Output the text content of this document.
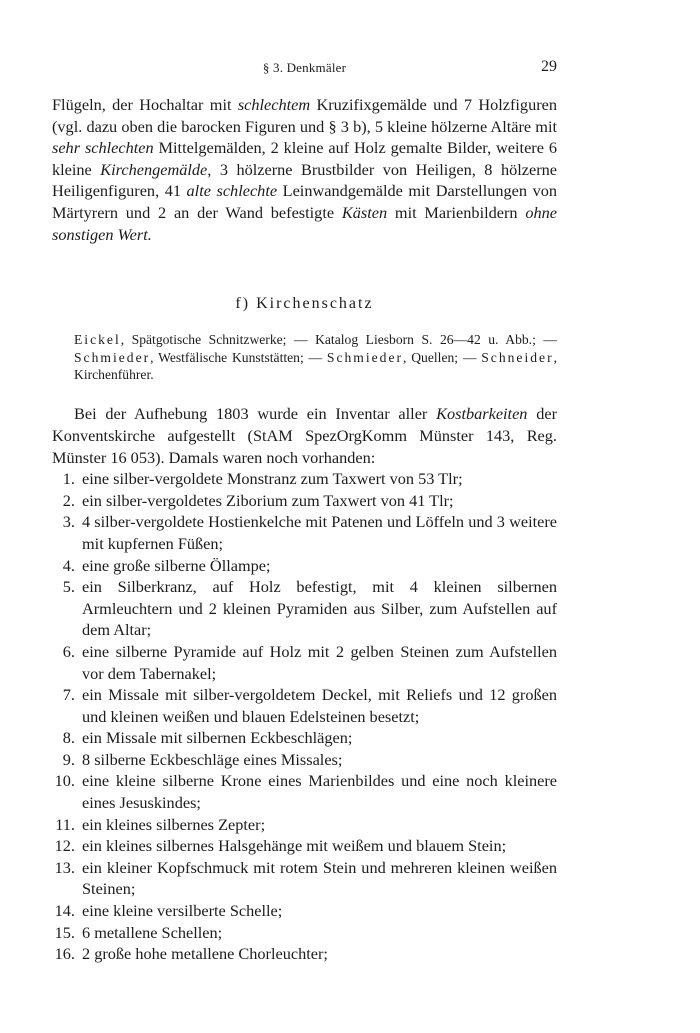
§ 3. Denkmäler	29

Flügeln, der Hochaltar mit schlechtem Kruzifixgemälde und 7 Holzfiguren (vgl. dazu oben die barocken Figuren und § 3 b), 5 kleine hölzerne Altäre mit sehr schlechten Mittelgemälden, 2 kleine auf Holz gemalte Bilder, weitere 6 kleine Kirchengemälde, 3 hölzerne Brustbilder von Heiligen, 8 hölzerne Heiligenfiguren, 41 alte schlechte Leinwandgemälde mit Darstellungen von Märtyrern und 2 an der Wand befestigte Kästen mit Marienbildern ohne sonstigen Wert.

f) Kirchenschatz

Eickel, Spätgotische Schnitzwerke; — Katalog Liesborn S. 26—42 u. Abb.; — Schmieder, Westfälische Kunststätten; — Schmieder, Quellen; — Schneider, Kirchenführer.

Bei der Aufhebung 1803 wurde ein Inventar aller Kostbarkeiten der Konventskirche aufgestellt (StAM SpezOrgKomm Münster 143, Reg. Münster 16 053). Damals waren noch vorhanden:

1. eine silber-vergoldete Monstranz zum Taxwert von 53 Tlr;
2. ein silber-vergoldetes Ziborium zum Taxwert von 41 Tlr;
3. 4 silber-vergoldete Hostienkelche mit Patenen und Löffeln und 3 weitere mit kupfernen Füßen;
4. eine große silberne Öllampe;
5. ein Silberkranz, auf Holz befestigt, mit 4 kleinen silbernen Armleuchtern und 2 kleinen Pyramiden aus Silber, zum Aufstellen auf dem Altar;
6. eine silberne Pyramide auf Holz mit 2 gelben Steinen zum Aufstellen vor dem Tabernakel;
7. ein Missale mit silber-vergoldetem Deckel, mit Reliefs und 12 großen und kleinen weißen und blauen Edelsteinen besetzt;
8. ein Missale mit silbernen Eckbeschlägen;
9. 8 silberne Eckbeschläge eines Missales;
10. eine kleine silberne Krone eines Marienbildes und eine noch kleinere eines Jesuskindes;
11. ein kleines silbernes Zepter;
12. ein kleines silbernes Halsgehänge mit weißem und blauem Stein;
13. ein kleiner Kopfschmuck mit rotem Stein und mehreren kleinen weißen Steinen;
14. eine kleine versilberte Schelle;
15. 6 metallene Schellen;
16. 2 große hohe metallene Chorleuchter;
